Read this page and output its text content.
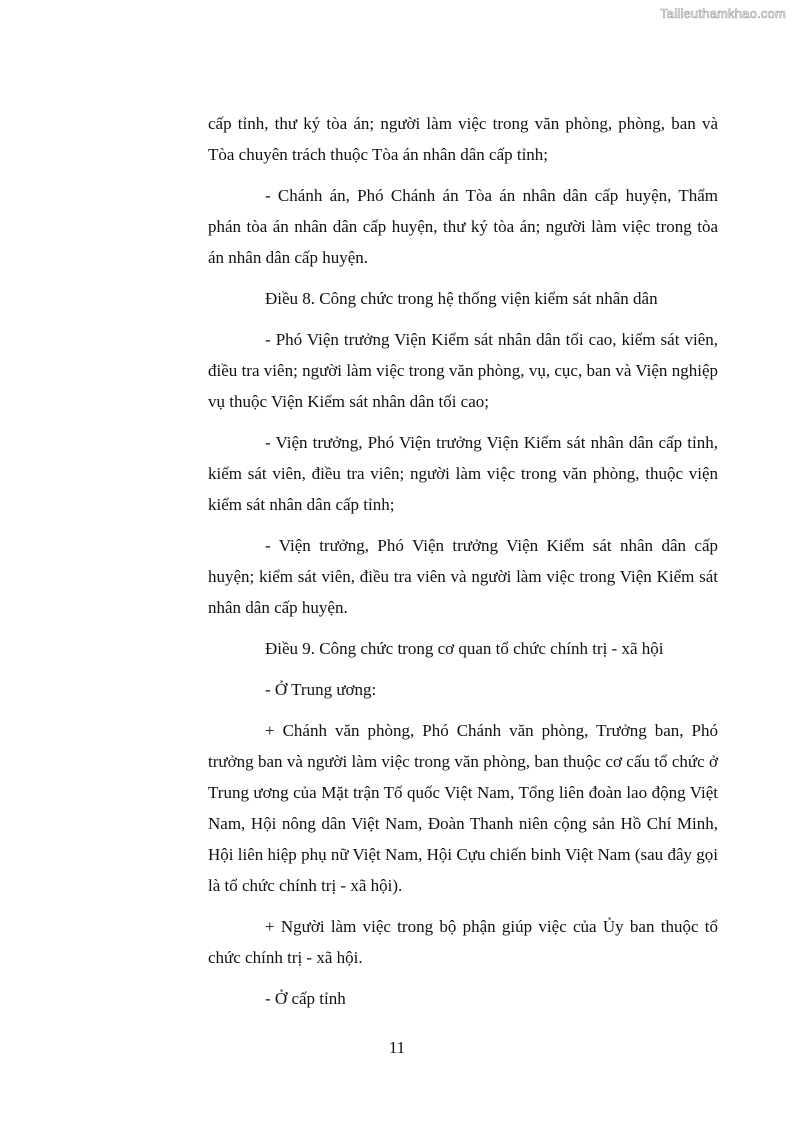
Tailieuthamkhao.com

cấp tỉnh, thư ký tòa án; người làm việc trong văn phòng, phòng, ban và Tòa chuyên trách thuộc Tòa án nhân dân cấp tỉnh;

- Chánh án, Phó Chánh án Tòa án nhân dân cấp huyện, Thẩm phán tòa án nhân dân cấp huyện, thư ký tòa án; người làm việc trong tòa án nhân dân cấp huyện.

Điều 8. Công chức trong hệ thống viện kiểm sát nhân dân

- Phó Viện trưởng Viện Kiểm sát nhân dân tối cao, kiểm sát viên, điều tra viên; người làm việc trong văn phòng, vụ, cục, ban và Viện nghiệp vụ thuộc Viện Kiểm sát nhân dân tối cao;

- Viện trưởng, Phó Viện trưởng Viện Kiểm sát nhân dân cấp tỉnh, kiểm sát viên, điều tra viên; người làm việc trong văn phòng, thuộc viện kiểm sát nhân dân cấp tỉnh;

- Viện trưởng, Phó Viện trưởng Viện Kiểm sát nhân dân cấp huyện; kiểm sát viên, điều tra viên và người làm việc trong Viện Kiểm sát nhân dân cấp huyện.

Điều 9. Công chức trong cơ quan tổ chức chính trị - xã hội

- Ở Trung ương:

+ Chánh văn phòng, Phó Chánh văn phòng, Trưởng ban, Phó trưởng ban và người làm việc trong văn phòng, ban thuộc cơ cấu tổ chức ở Trung ương của Mặt trận Tổ quốc Việt Nam, Tổng liên đoàn lao động Việt Nam, Hội nông dân Việt Nam, Đoàn Thanh niên cộng sản Hồ Chí Minh, Hội liên hiệp phụ nữ Việt Nam, Hội Cựu chiến binh Việt Nam (sau đây gọi là tổ chức chính trị - xã hội).

+ Người làm việc trong bộ phận giúp việc của Ủy ban thuộc tổ chức chính trị - xã hội.

- Ở cấp tỉnh

11
